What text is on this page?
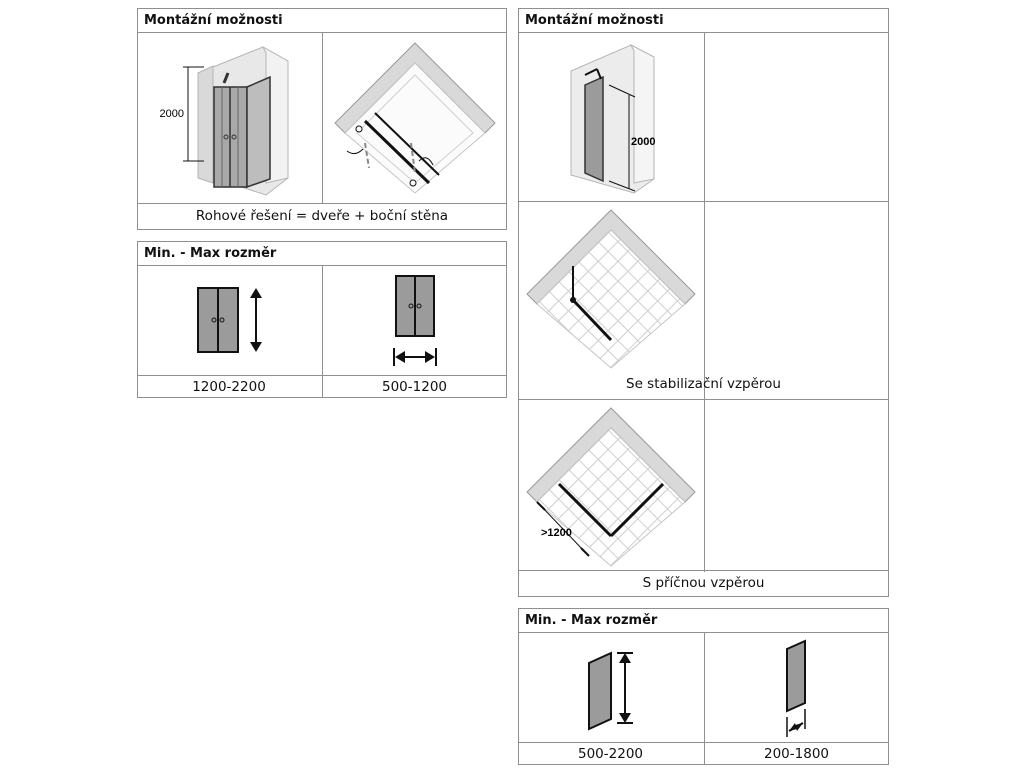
Montážní možnosti
2000
Rohové řešení = dveře + boční stěna
Min. - Max rozměr
1200-2200	500-1200
Montážní možnosti
2000
Se stabilizační vzpěrou
>1200
S příčnou vzpěrou
Min. - Max rozměr
500-2200	200-1800
